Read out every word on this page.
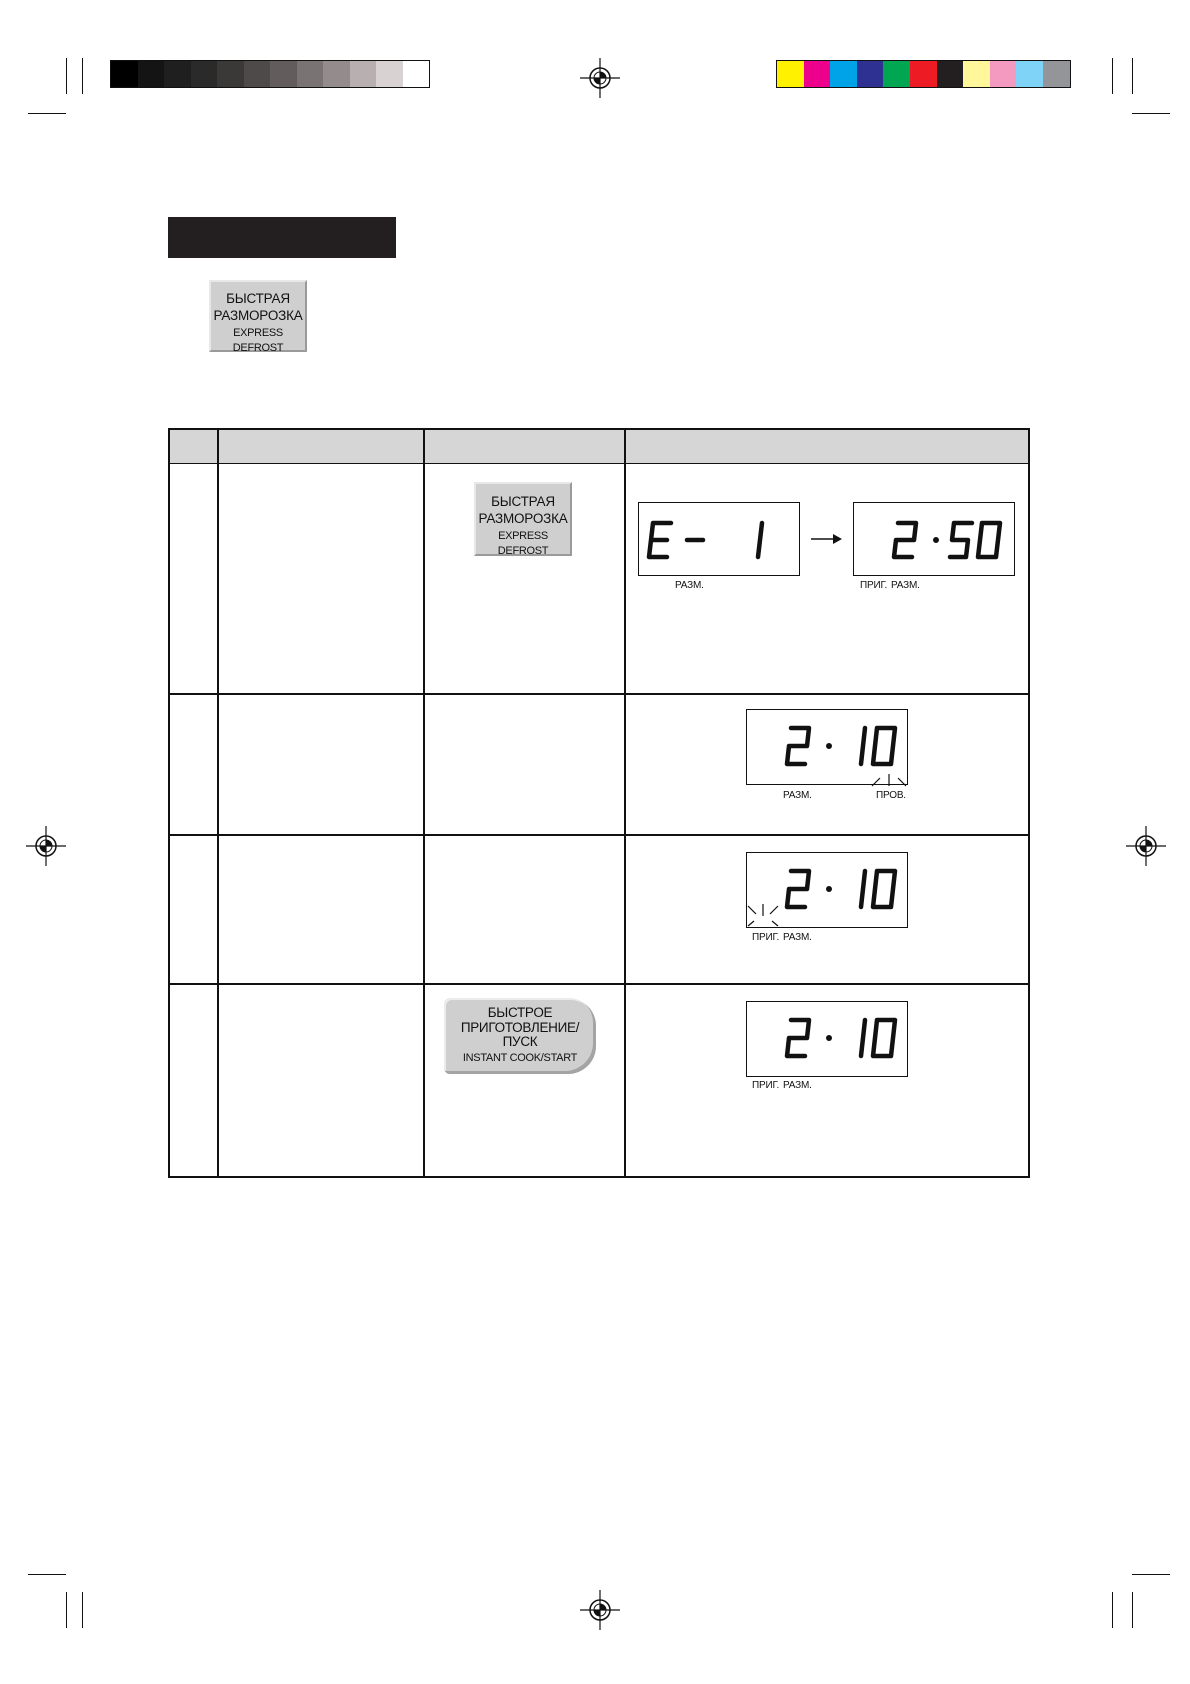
БЫСТРАЯ
РАЗМОРОЗКА
EXPRESS DEFROST
БЫСТРАЯ
РАЗМОРОЗКА
EXPRESS DEFROST
РАЗМ.	ПРИГ. РАЗМ.
РАЗМ.	ПРОВ.
ПРИГ. РАЗМ.
БЫСТРОЕ
ПРИГОТОВЛЕНИЕ/
ПУСК
INSTANT COOK/START
ПРИГ. РАЗМ.
